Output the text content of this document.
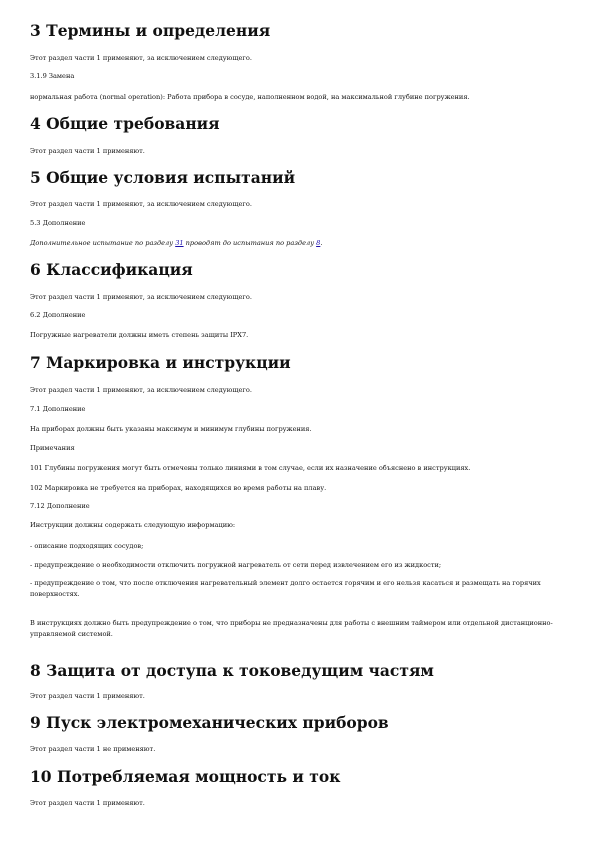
3 Термины и определения

Этот раздел части 1 применяют, за исключением следующего.

3.1.9 Замена

нормальная работа (normal operation): Работа прибора в сосуде, наполненном водой, на максимальной глубине погружения.

4 Общие требования

Этот раздел части 1 применяют.

5 Общие условия испытаний

Этот раздел части 1 применяют, за исключением следующего.

5.3 Дополнение

Дополнительное испытание по разделу 31 проводят до испытания по разделу 8.

6 Классификация

Этот раздел части 1 применяют, за исключением следующего.

6.2 Дополнение

Погружные нагреватели должны иметь степень защиты IPX7.

7 Маркировка и инструкции

Этот раздел части 1 применяют, за исключением следующего.

7.1 Дополнение

На приборах должны быть указаны максимум и минимум глубины погружения.

Примечания

101 Глубины погружения могут быть отмечены только линиями в том случае, если их назначение объяснено в инструкциях.

102 Маркировка не требуется на приборах, находящихся во время работы на плаву.

7.12 Дополнение

Инструкции должны содержать следующую информацию:

- описание подходящих сосудов;

- предупреждение о необходимости отключить погружной нагреватель от сети перед извлечением его из жидкости;

- предупреждение о том, что после отключения нагревательный элемент долго остается горячим и его нельзя касаться и размещать на горячих поверхностях.

В инструкциях должно быть предупреждение о том, что приборы не предназначены для работы с внешним таймером или отдельной дистанционно-управляемой системой.

8 Защита от доступа к токоведущим частям

Этот раздел части 1 применяют.

9 Пуск электромеханических приборов

Этот раздел части 1 не применяют.

10 Потребляемая мощность и ток

Этот раздел части 1 применяют.
